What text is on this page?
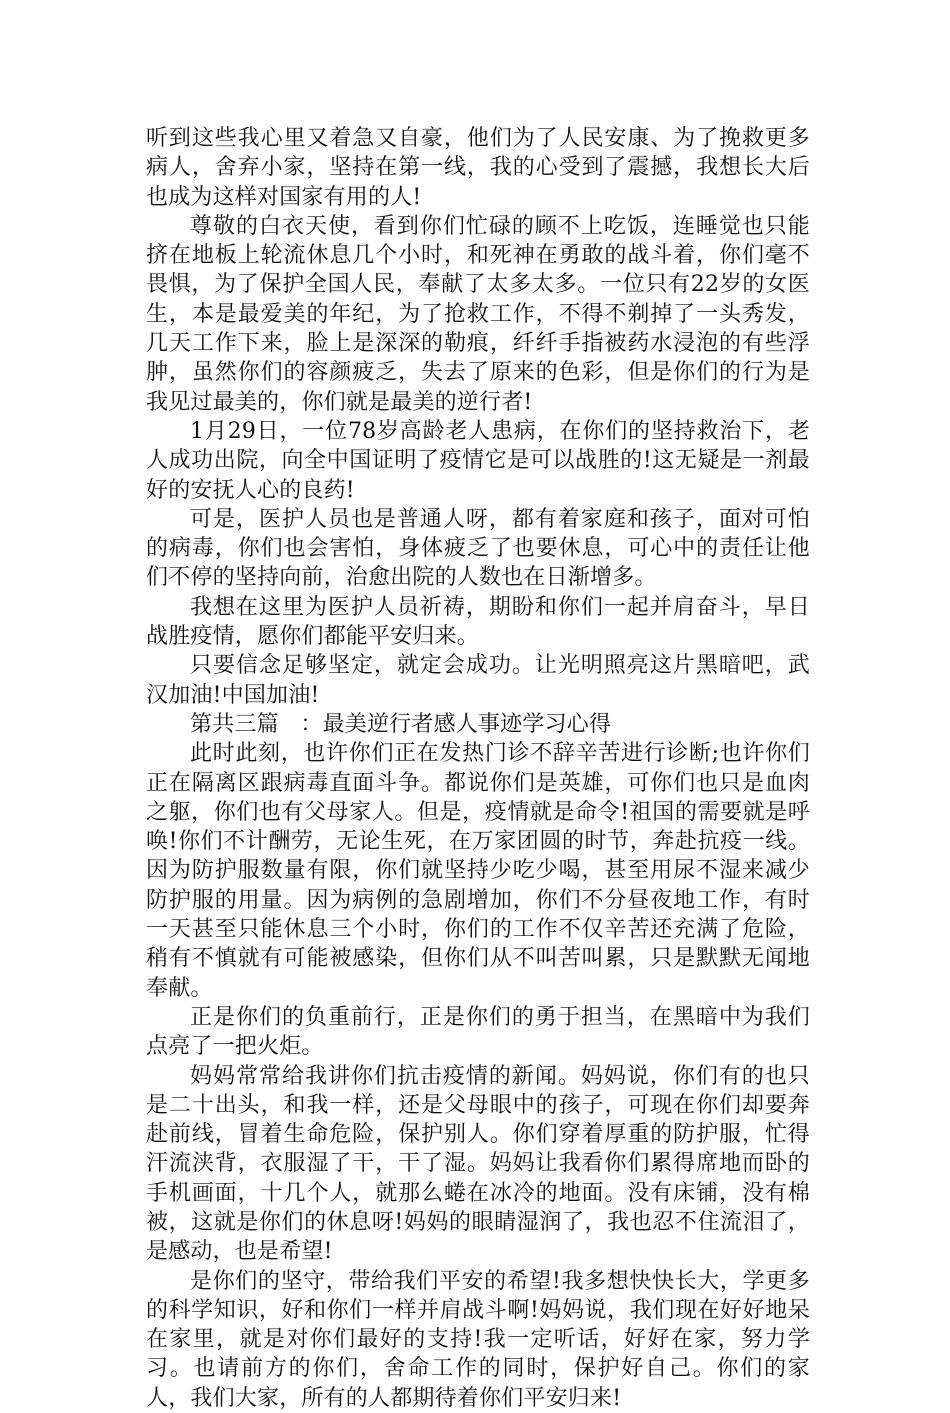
听到这些我心里又着急又自豪，他们为了人民安康、为了挽救更多病人，舍弃小家，坚持在第一线，我的心受到了震撼，我想长大后也成为这样对国家有用的人!

尊敬的白衣天使，看到你们忙碌的顾不上吃饭，连睡觉也只能挤在地板上轮流休息几个小时，和死神在勇敢的战斗着，你们毫不畏惧，为了保护全国人民，奉献了太多太多。一位只有22岁的女医生，本是最爱美的年纪，为了抢救工作，不得不剃掉了一头秀发，几天工作下来，脸上是深深的勒痕，纤纤手指被药水浸泡的有些浮肿，虽然你们的容颜疲乏，失去了原来的色彩，但是你们的行为是我见过最美的，你们就是最美的逆行者!

1月29日，一位78岁高龄老人患病，在你们的坚持救治下，老人成功出院，向全中国证明了疫情它是可以战胜的!这无疑是一剂最好的安抚人心的良药!

可是，医护人员也是普通人呀，都有着家庭和孩子，面对可怕的病毒，你们也会害怕，身体疲乏了也要休息，可心中的责任让他们不停的坚持向前，治愈出院的人数也在日渐增多。

我想在这里为医护人员祈祷，期盼和你们一起并肩奋斗，早日战胜疫情，愿你们都能平安归来。

只要信念足够坚定，就定会成功。让光明照亮这片黑暗吧，武汉加油!中国加油!

第共三篇   ：最美逆行者感人事迹学习心得

此时此刻，也许你们正在发热门诊不辞辛苦进行诊断;也许你们正在隔离区跟病毒直面斗争。都说你们是英雄，可你们也只是血肉之躯，你们也有父母家人。但是，疫情就是命令!祖国的需要就是呼唤!你们不计酬劳，无论生死，在万家团圆的时节，奔赴抗疫一线。因为防护服数量有限，你们就坚持少吃少喝，甚至用尿不湿来减少防护服的用量。因为病例的急剧增加，你们不分昼夜地工作，有时一天甚至只能休息三个小时，你们的工作不仅辛苦还充满了危险，稍有不慎就有可能被感染，但你们从不叫苦叫累，只是默默无闻地奉献。

正是你们的负重前行，正是你们的勇于担当，在黑暗中为我们点亮了一把火炬。

妈妈常常给我讲你们抗击疫情的新闻。妈妈说，你们有的也只是二十出头，和我一样，还是父母眼中的孩子，可现在你们却要奔赴前线，冒着生命危险，保护别人。你们穿着厚重的防护服，忙得汗流浃背，衣服湿了干，干了湿。妈妈让我看你们累得席地而卧的手机画面，十几个人，就那么蜷在冰冷的地面。没有床铺，没有棉被，这就是你们的休息呀!妈妈的眼睛湿润了，我也忍不住流泪了，是感动，也是希望!

是你们的坚守，带给我们平安的希望!我多想快快长大，学更多的科学知识，好和你们一样并肩战斗啊!妈妈说，我们现在好好地呆在家里，就是对你们最好的支持!我一定听话，好好在家，努力学习。也请前方的你们，舍命工作的同时，保护好自己。你们的家人，我们大家，所有的人都期待着你们平安归来!
